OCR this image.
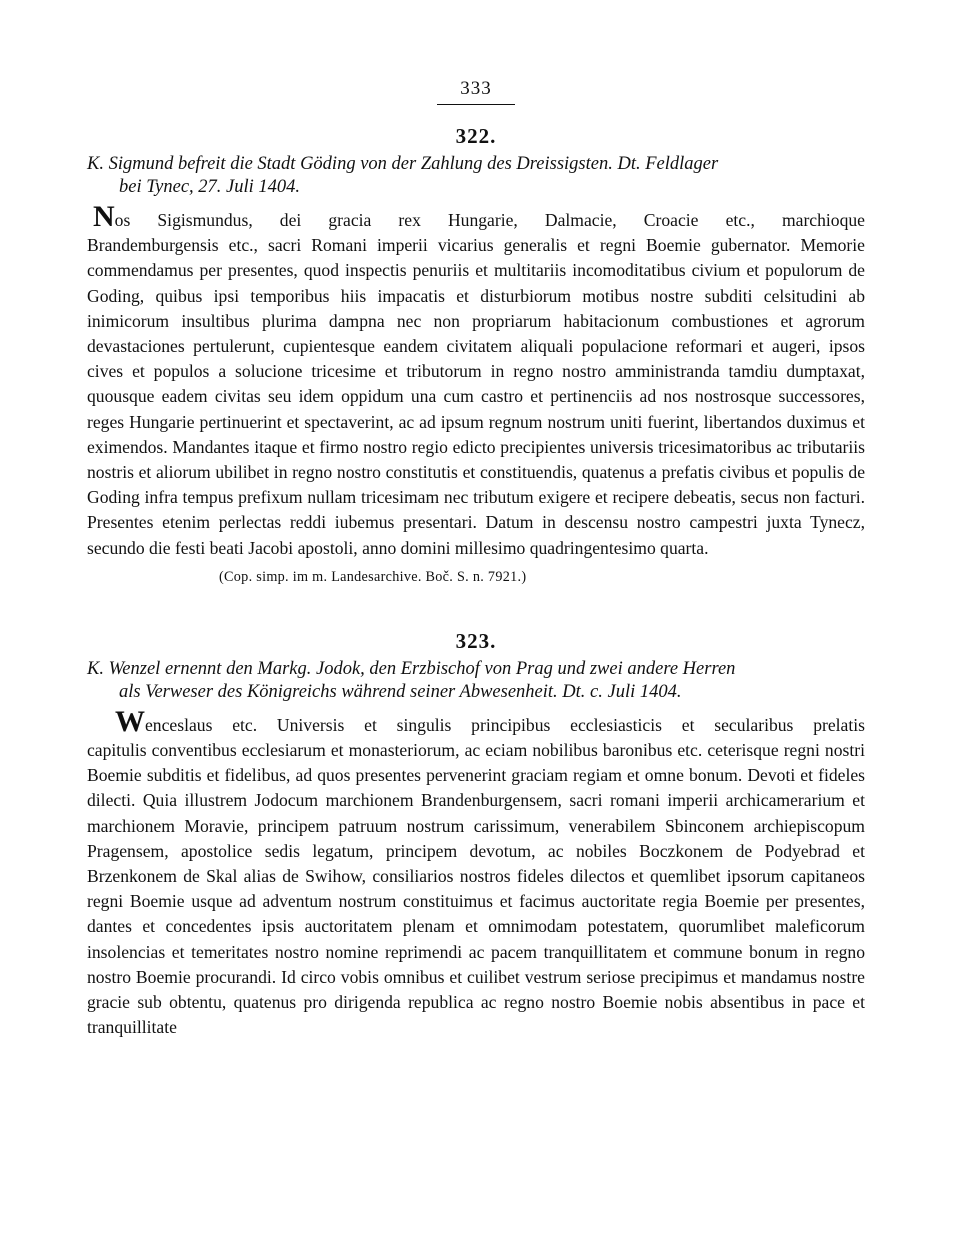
333
322.
K. Sigmund befreit die Stadt Göding von der Zahlung des Dreissigsten. Dt. Feldlager
bei Tynec, 27. Juli 1404.
Nos Sigismundus, dei gracia rex Hungarie, Dalmacie, Croacie etc., marchioque
Brandemburgensis etc., sacri Romani imperii vicarius generalis et regni Boemie gubernator. Memorie commendamus per presentes, quod inspectis penuriis et multitariis incomoditatibus civium et populorum de Goding, quibus ipsi temporibus hiis impacatis et disturbiorum motibus nostre subditi celsitudini ab inimicorum insultibus plurima dampna nec non propriarum habitacionum combustiones et agrorum devastaciones pertulerunt, cupientesque eandem civitatem aliquali populacione reformari et augeri, ipsos cives et populos a solucione tricesime et tributorum in regno nostro amministranda tamdiu dumptaxat, quousque eadem civitas seu idem oppidum una cum castro et pertinenciis ad nos nostrosque successores, reges Hungarie pertinuerint et spectaverint, ac ad ipsum regnum nostrum uniti fuerint, libertandos duximus et eximendos. Mandantes itaque et firmo nostro regio edicto precipientes universis tricesimatoribus ac tributariis nostris et aliorum ubilibet in regno nostro constitutis et constituendis, quatenus a prefatis civibus et populis de Goding infra tempus prefixum nullam tricesimam nec tributum exigere et recipere debeatis, secus non facturi. Presentes etenim perlectas reddi iubemus presentari. Datum in descensu nostro campestri juxta Tynecz, secundo die festi beati Jacobi apostoli, anno domini millesimo quadringentesimo quarta.
(Cop. simp. im m. Landesarchive. Boč. S. n. 7921.)
323.
K. Wenzel ernennt den Markg. Jodok, den Erzbischof von Prag und zwei andere Herren
als Verweser des Königreichs während seiner Abwesenheit. Dt. c. Juli 1404.
Wenceslaus etc. Universis et singulis principibus ecclesiasticis et secularibus prelatis
capitulis conventibus ecclesiarum et monasteriorum, ac eciam nobilibus baronibus etc. ceterisque regni nostri Boemie subditis et fidelibus, ad quos presentes pervenerint graciam regiam et omne bonum. Devoti et fideles dilecti. Quia illustrem Jodocum marchionem Brandenburgensem, sacri romani imperii archicamerarium et marchionem Moravie, principem patruum nostrum carissimum, venerabilem Sbinconem archiepiscopum Pragensem, apostolice sedis legatum, principem devotum, ac nobiles Boczkonem de Podyebrad et Brzenkonem de Skal alias de Swihow, consiliarios nostros fideles dilectos et quemlibet ipsorum capitaneos regni Boemie usque ad adventum nostrum constituimus et facimus auctoritate regia Boemie per presentes, dantes et concedentes ipsis auctoritatem plenam et omnimodam potestatem, quorumlibet maleficorum insolencias et temeritates nostro nomine reprimendi ac pacem tranquillitatem et commune bonum in regno nostro Boemie procurandi. Id circo vobis omnibus et cuilibet vestrum seriose precipimus et mandamus nostre gracie sub obtentu, quatenus pro dirigenda republica ac regno nostro Boemie nobis absentibus in pace et tranquillitate
